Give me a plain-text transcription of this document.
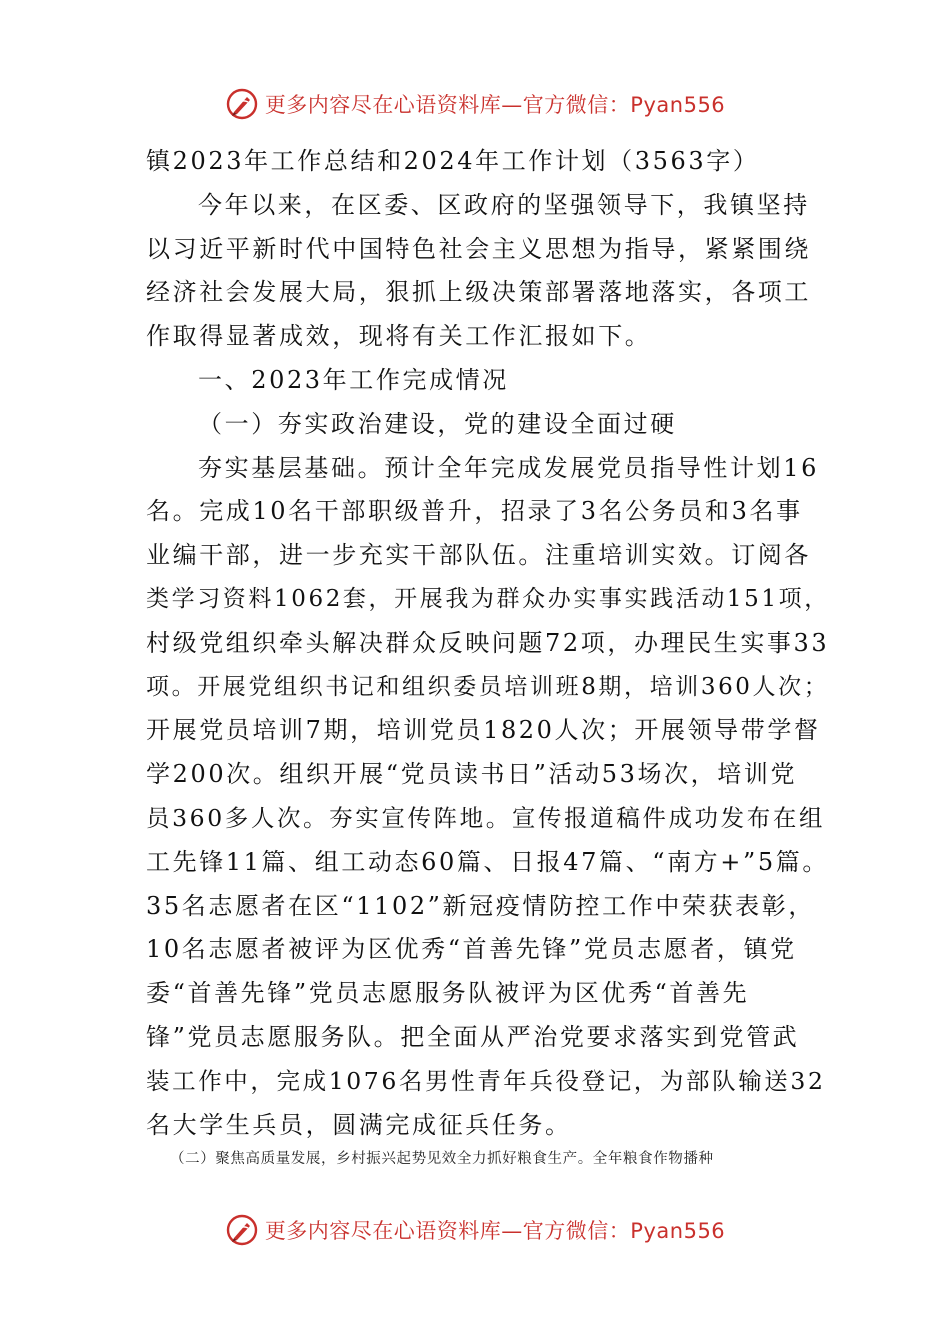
更多内容尽在心语资料库—官方微信：Pyan556

镇2023年工作总结和2024年工作计划（3563字）

今年以来，在区委、区政府的坚强领导下，我镇坚持

以习近平新时代中国特色社会主义思想为指导，紧紧围绕

经济社会发展大局，狠抓上级决策部署落地落实，各项工

作取得显著成效，现将有关工作汇报如下。

一、2023年工作完成情况

（一）夯实政治建设，党的建设全面过硬

夯实基层基础。预计全年完成发展党员指导性计划16

名。完成10名干部职级普升，招录了3名公务员和3名事

业编干部，进一步充实干部队伍。注重培训实效。订阅各

类学习资料1062套，开展我为群众办实事实践活动151项，

村级党组织牵头解决群众反映问题72项，办理民生实事33

项。开展党组织书记和组织委员培训班8期，培训360人次；

开展党员培训7期，培训党员1820人次；开展领导带学督

学200次。组织开展“党员读书日”活动53场次，培训党

员360多人次。夯实宣传阵地。宣传报道稿件成功发布在组

工先锋11篇、组工动态60篇、日报47篇、“南方+”5篇。

35名志愿者在区“1102”新冠疫情防控工作中荣获表彰，

10名志愿者被评为区优秀“首善先锋”党员志愿者，镇党

委“首善先锋”党员志愿服务队被评为区优秀“首善先

锋”党员志愿服务队。把全面从严治党要求落实到党管武

装工作中，完成1076名男性青年兵役登记，为部队输送32

名大学生兵员，圆满完成征兵任务。

（二）聚焦高质量发展，乡村振兴起势见效全力抓好粮食生产。全年粮食作物播种
更多内容尽在心语资料库—官方微信：Pyan556
